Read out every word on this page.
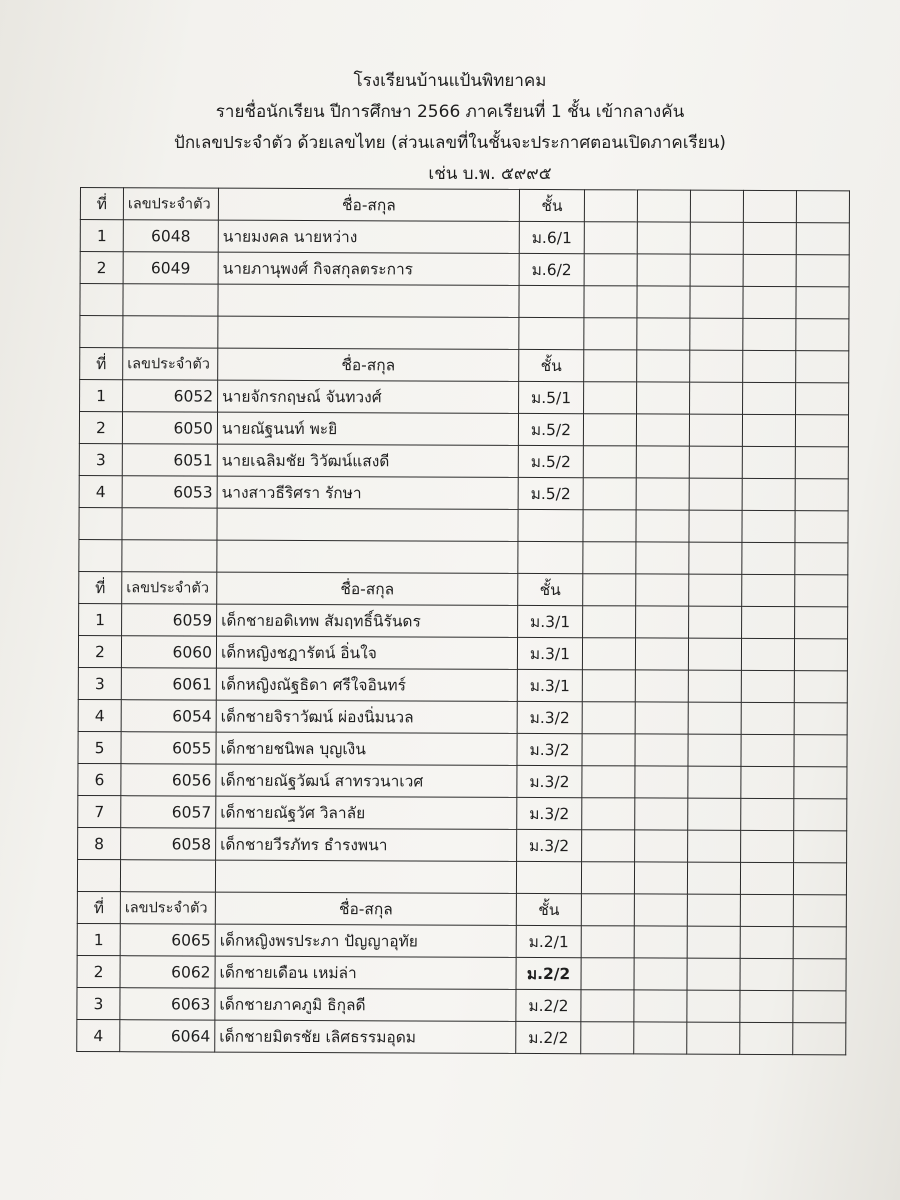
โรงเรียนบ้านแป้นพิทยาคม
รายชื่อนักเรียน ปีการศึกษา 2566 ภาคเรียนที่ 1 ชั้น เข้ากลางคัน
ปักเลขประจำตัว ด้วยเลขไทย (ส่วนเลขที่ในชั้นจะประกาศตอนเปิดภาคเรียน)
เช่น บ.พ. ๕๙๙๕
ที่	เลขประจำตัว	ชื่อ-สกุล	ชั้น					
1	6048	นายมงคล นายหว่าง	ม.6/1					
2	6049	นายภานุพงศ์ กิจสกุลตระการ	ม.6/2					

ที่	เลขประจำตัว	ชื่อ-สกุล	ชั้น					
1	6052	นายจักรกฤษณ์ จันทวงศ์	ม.5/1					
2	6050	นายณัฐนนท์ พะยิ	ม.5/2					
3	6051	นายเฉลิมชัย วิวัฒน์แสงดี	ม.5/2					
4	6053	นางสาวธีริศรา รักษา	ม.5/2					

ที่	เลขประจำตัว	ชื่อ-สกุล	ชั้น					
1	6059	เด็กชายอดิเทพ สัมฤทธิ์นิรันดร	ม.3/1					
2	6060	เด็กหญิงชฎารัตน์ อิ่นใจ	ม.3/1					
3	6061	เด็กหญิงณัฐธิดา ศรีใจอินทร์	ม.3/1					
4	6054	เด็กชายจิราวัฒน์ ผ่องนิ่มนวล	ม.3/2					
5	6055	เด็กชายชนิพล บุญเงิน	ม.3/2					
6	6056	เด็กชายณัฐวัฒน์ สาทรวนาเวศ	ม.3/2					
7	6057	เด็กชายณัฐวัศ วิลาลัย	ม.3/2					
8	6058	เด็กชายวีรภัทร ธำรงพนา	ม.3/2					

ที่	เลขประจำตัว	ชื่อ-สกุล	ชั้น					
1	6065	เด็กหญิงพรประภา ปัญญาอุทัย	ม.2/1					
2	6062	เด็กชายเดือน เหม่ล่า	ม.2/2					
3	6063	เด็กชายภาคภูมิ ธิกุลดี	ม.2/2					
4	6064	เด็กชายมิตรชัย เลิศธรรมอุดม	ม.2/2					
